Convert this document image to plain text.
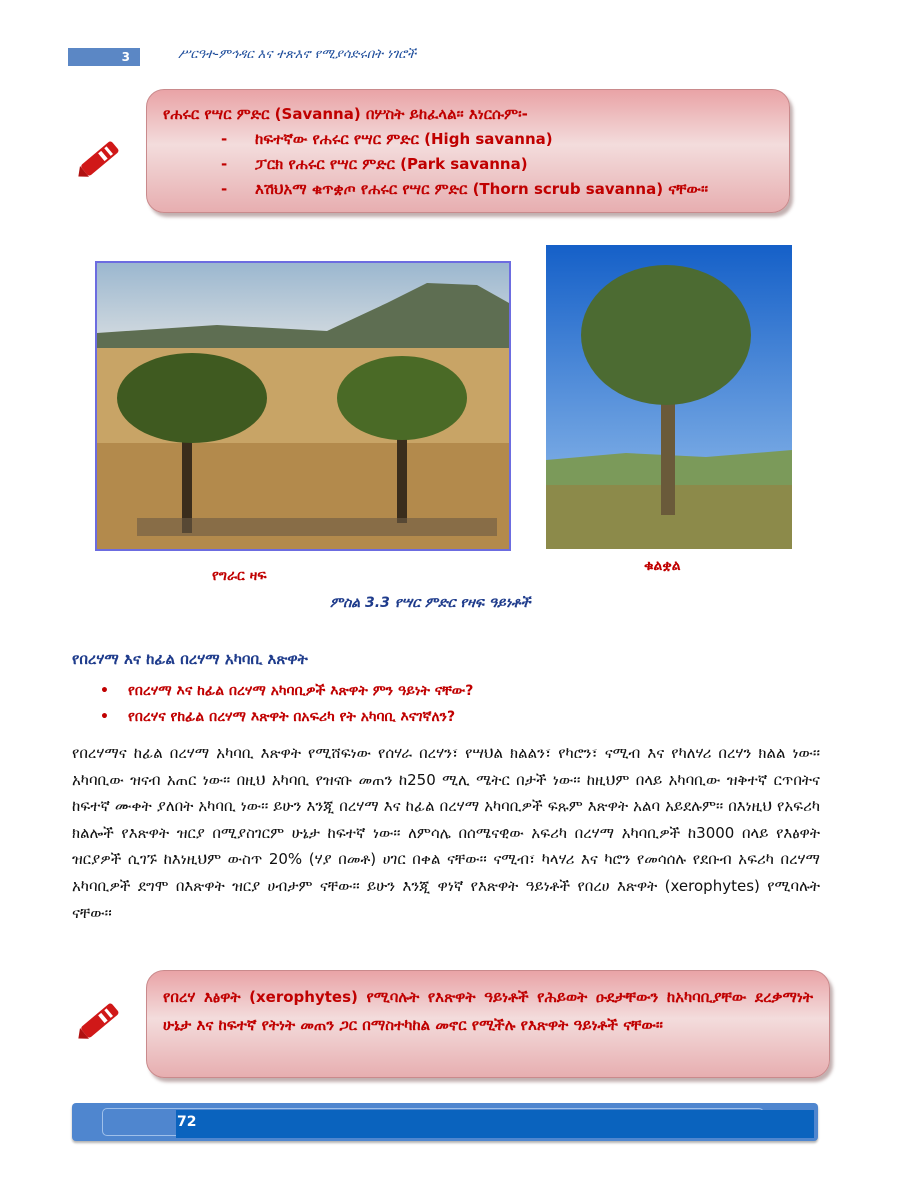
3	ሥርዓተ-ምኅዳር እና ተጽእኖ የሚያሳድሩበት ነገሮች
የሐሩር የሣር ምድር (Savanna) በሦስት ይከፈላል፡፡ እነርሱም፡-
- ከፍተኛው የሐሩር የሣር ምድር (High savanna)
- ፓርክ የሐሩር የሣር ምድር (Park savanna)
- እሽህአማ ቁጥቋጦ የሐሩር የሣር ምድር (Thorn scrub savanna) ናቸው፡፡
የግራር ዛፍ
ቁልቋል
ምስል 3.3 የሣር ምድር የዛፍ ዓይነቶች
የበረሃማ እና ከፊል በረሃማ አካባቢ እጽዋት
• የበረሃማ እና ከፊል በረሃማ አካባቢዎች እጽዋት ምን ዓይነት ናቸው?
• የበረሃና የከፊል በረሃማ እጽዋት በአፍሪካ የት አካባቢ እናገኛለን?
የበረሃማና ከፊል በረሃማ አካባቢ እጽዋት የሚሸፍነው የሰሃራ በረሃን፣ የሣህል ክልልን፣ የካሮን፣ ናሚብ እና የካለሃሪ በረሃን ክልል ነው፡፡ አካባቢው ዝናብ አጠር ነው፡፡ በዚህ አካባቢ የዝናቡ መጠን ከ250 ሚሊ ሜትር በታች ነው፡፡ ከዚህም በላይ አካባቢው ዝቅተኛ ርጥበትና ከፍተኛ ሙቀት ያለበት አካባቢ ነው፡፡ ይሁን እንጂ በረሃማ እና ከፊል በረሃማ አካባቢዎች ፍጹም እጽዋት አልባ አይደሉም፡፡ በእነዚህ የአፍሪካ ክልሎች የእጽዋት ዝርያ በሚያስገርም ሁኔታ ከፍተኛ ነው፡፡ ለምሳሌ በሰሜናዊው አፍሪካ በረሃማ አካባቢዎች ከ3000 በላይ የእፅዋት ዝርያዎች ሲገኙ ከእነዚህም ውስጥ 20% (ሃያ በመቶ) ሀገር በቀል ናቸው፡፡ ናሚብ፣ ካላሃሪ እና ካሮን የመሳሰሉ የደቡብ አፍሪካ በረሃማ አካባቢዎች ደግሞ በእጽዋት ዝርያ ሀብታም ናቸው፡፡ ይሁን እንጂ ዋነኛ የእጽዋት ዓይነቶች የበረሀ እጽዋት (xerophytes) የሚባሉት ናቸው፡፡
የበረሃ እፅዋት (xerophytes) የሚባሉት የእጽዋት ዓይነቶች የሕይወት ዑደታቸውን ከአካባቢያቸው ደረቃማነት ሁኔታ እና ከፍተኛ የትነት መጠን ጋር በማስተካከል መኖር የሚችሉ የእጽዋት ዓይነቶች ናቸው፡፡
72
